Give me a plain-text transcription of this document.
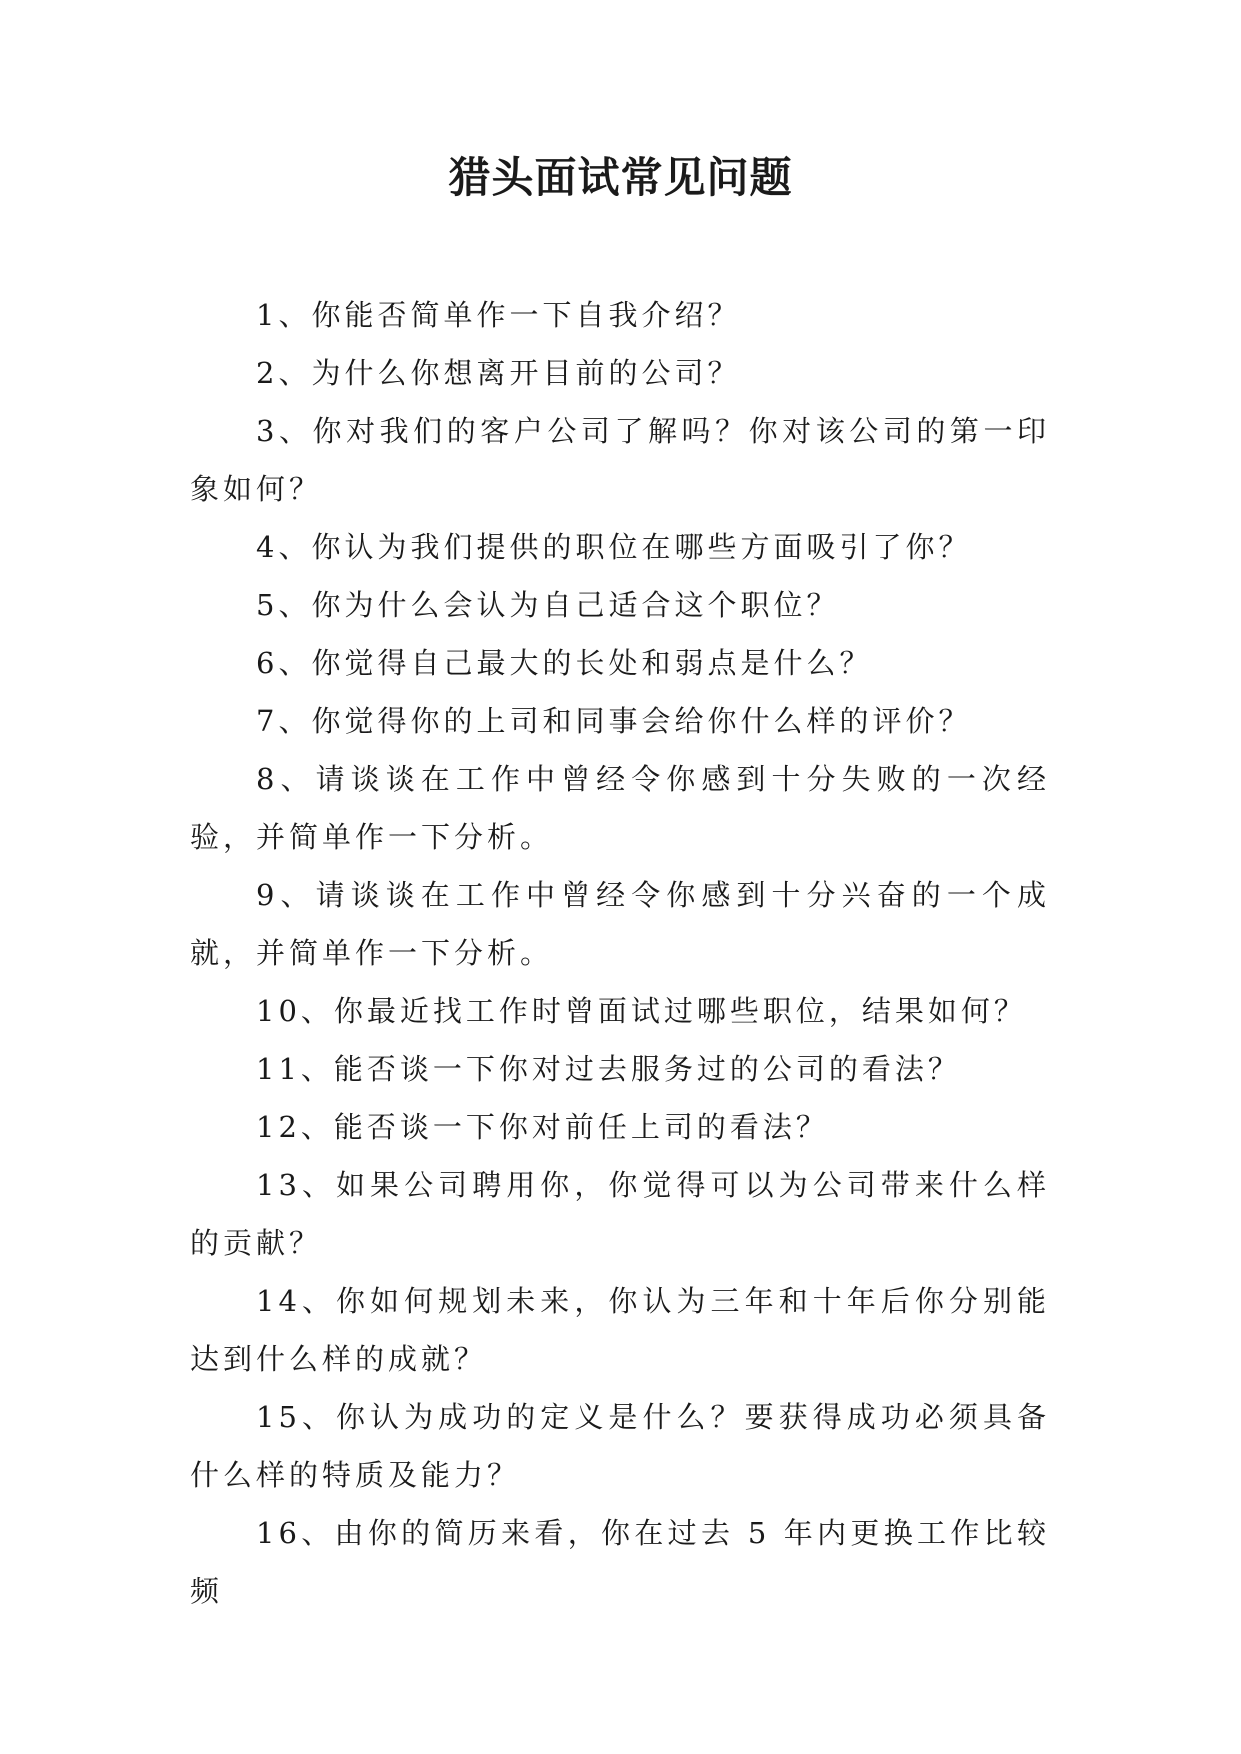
猎头面试常见问题

1、你能否简单作一下自我介绍？

2、为什么你想离开目前的公司？

3、你对我们的客户公司了解吗？你对该公司的第一印象如何？

4、你认为我们提供的职位在哪些方面吸引了你？

5、你为什么会认为自己适合这个职位？

6、你觉得自己最大的长处和弱点是什么？

7、你觉得你的上司和同事会给你什么样的评价？

8、请谈谈在工作中曾经令你感到十分失败的一次经验，并简单作一下分析。

9、请谈谈在工作中曾经令你感到十分兴奋的一个成就，并简单作一下分析。

10、你最近找工作时曾面试过哪些职位，结果如何？

11、能否谈一下你对过去服务过的公司的看法？

12、能否谈一下你对前任上司的看法？

13、如果公司聘用你，你觉得可以为公司带来什么样的贡献？

14、你如何规划未来，你认为三年和十年后你分别能达到什么样的成就？

15、你认为成功的定义是什么？要获得成功必须具备什么样的特质及能力？

16、由你的简历来看，你在过去 5 年内更换工作比较频
